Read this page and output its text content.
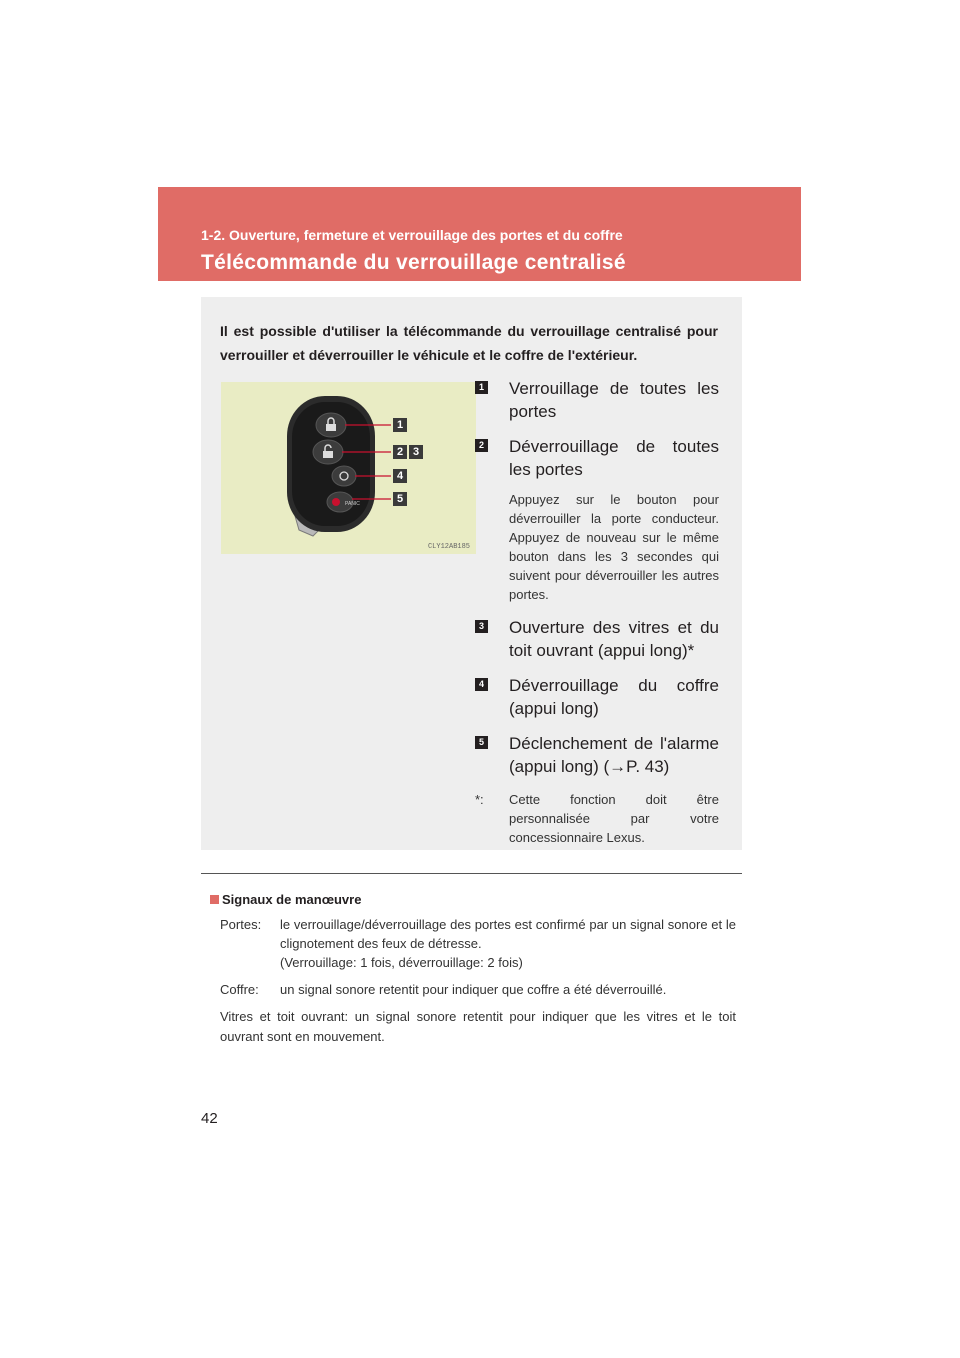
1-2. Ouverture, fermeture et verrouillage des portes et du coffre
Télécommande du verrouillage centralisé
Il est possible d'utiliser la télécommande du verrouillage centralisé pour verrouiller et déverrouiller le véhicule et le coffre de l'extérieur.
PANIC
1
2 3
4
5
CLY12AB185
1 Verrouillage de toutes les portes
2 Déverrouillage de toutes les portes
Appuyez sur le bouton pour déverrouiller la porte conducteur. Appuyez de nouveau sur le même bouton dans les 3 secondes qui suivent pour déverrouiller les autres portes.
3 Ouverture des vitres et du toit ouvrant (appui long)*
4 Déverrouillage du coffre (appui long)
5 Déclenchement de l'alarme (appui long) (→P. 43)
*: Cette fonction doit être personnalisée par votre concessionnaire Lexus.
Signaux de manœuvre
Portes: le verrouillage/déverrouillage des portes est confirmé par un signal sonore et le clignotement des feux de détresse.
(Verrouillage: 1 fois, déverrouillage: 2 fois)
Coffre: un signal sonore retentit pour indiquer que coffre a été déverrouillé.
Vitres et toit ouvrant: un signal sonore retentit pour indiquer que les vitres et le toit ouvrant sont en mouvement.
42
